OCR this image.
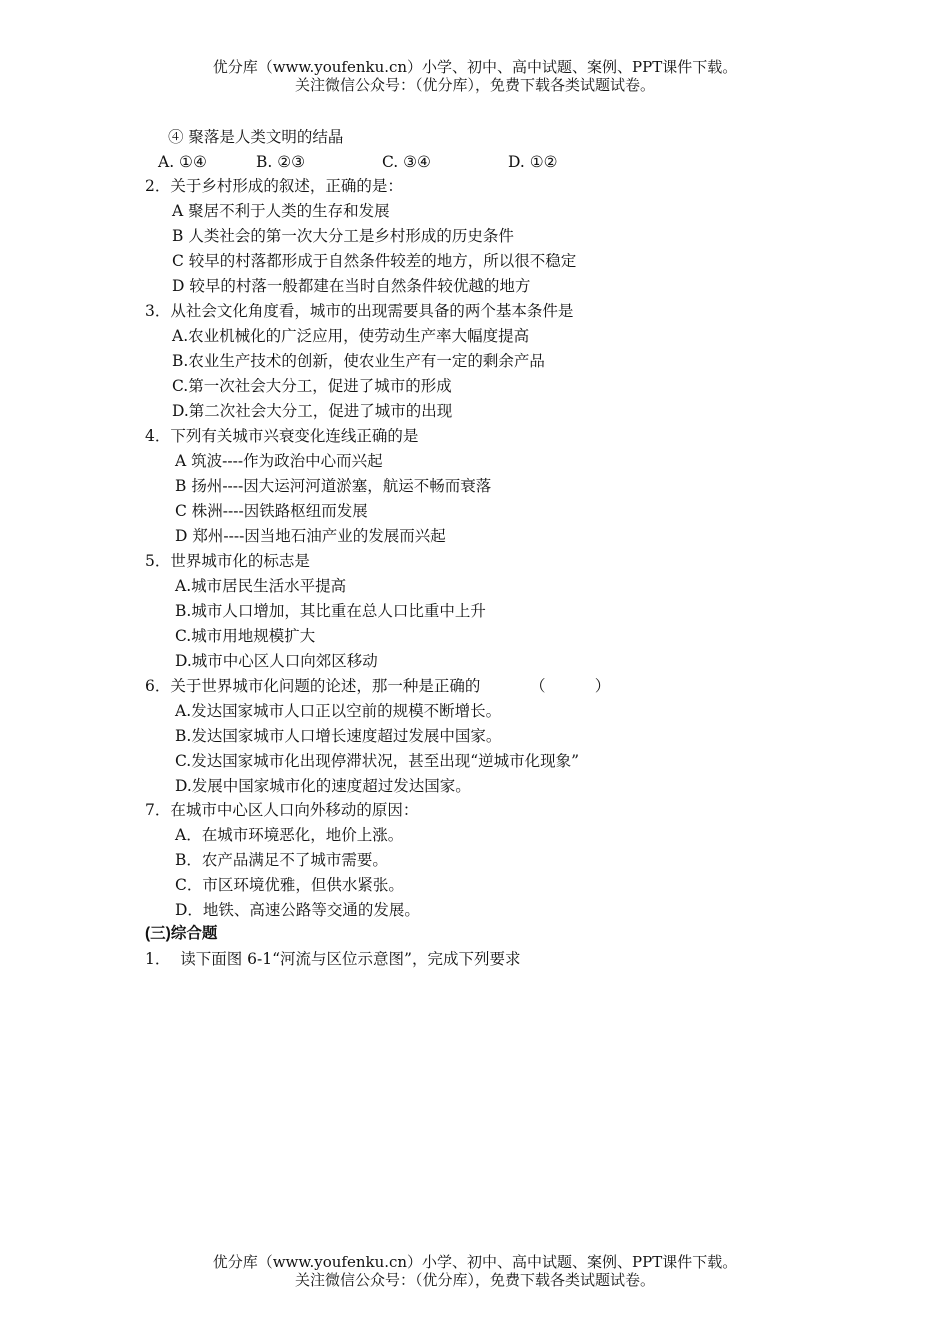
优分库（www.youfenku.cn）小学、初中、高中试题、案例、PPT课件下载。
关注微信公众号：（优分库），免费下载各类试题试卷。
④ 聚落是人类文明的结晶

A. ①④

	B. ②③

	C. ③④

	D. ①②

2．关于乡村形成的叙述，正确的是：
A 聚居不利于人类的生存和发展
B 人类社会的第一次大分工是乡村形成的历史条件
C 较早的村落都形成于自然条件较差的地方，所以很不稳定
D 较早的村落一般都建在当时自然条件较优越的地方
3．从社会文化角度看，城市的出现需要具备的两个基本条件是
A.农业机械化的广泛应用，使劳动生产率大幅度提高
B.农业生产技术的创新，使农业生产有一定的剩余产品
C.第一次社会大分工，促进了城市的形成
D.第二次社会大分工，促进了城市的出现
4．下列有关城市兴衰变化连线正确的是
A 筑波----作为政治中心而兴起
B 扬州----因大运河河道淤塞，航运不畅而衰落
C 株洲----因铁路枢纽而发展
D 郑州----因当地石油产业的发展而兴起
5．世界城市化的标志是
A.城市居民生活水平提高
B.城市人口增加，其比重在总人口比重中上升
C.城市用地规模扩大
D.城市中心区人口向郊区移动
6．关于世界城市化问题的论述，那一种是正确的	（          ）
A.发达国家城市人口正以空前的规模不断增长。
B.发达国家城市人口增长速度超过发展中国家。
C.发达国家城市化出现停滞状况，甚至出现“逆城市化现象”
D.发展中国家城市化的速度超过发达国家。
7．在城市中心区人口向外移动的原因：
A．在城市环境恶化，地价上涨。
B．农产品满足不了城市需要。
C．市区环境优雅，但供水紧张。
D．地铁、高速公路等交通的发展。
(三)综合题
1．  读下面图 6-1“河流与区位示意图”，完成下列要求
优分库（www.youfenku.cn）小学、初中、高中试题、案例、PPT课件下载。
关注微信公众号：（优分库），免费下载各类试题试卷。
